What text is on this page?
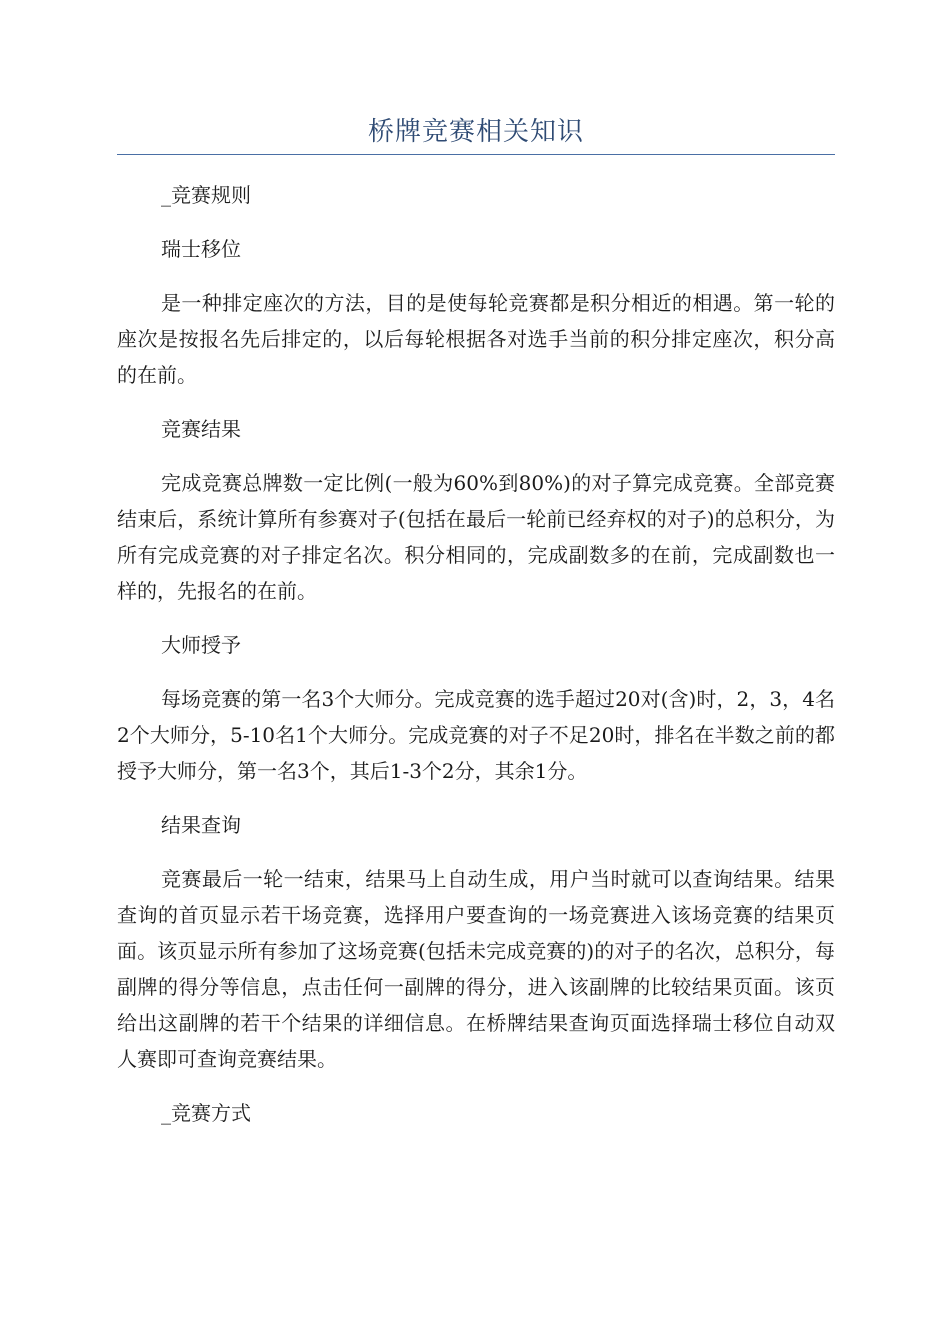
桥牌竞赛相关知识
_竞赛规则
瑞士移位

是一种排定座次的方法，目的是使每轮竞赛都是积分相近的相遇。第一轮的座次是按报名先后排定的，以后每轮根据各对选手当前的积分排定座次，积分高的在前。

竞赛结果

完成竞赛总牌数一定比例(一般为60%到80%)的对子算完成竞赛。全部竞赛结束后，系统计算所有参赛对子(包括在最后一轮前已经弃权的对子)的总积分，为所有完成竞赛的对子排定名次。积分相同的，完成副数多的在前，完成副数也一样的，先报名的在前。

大师授予

每场竞赛的第一名3个大师分。完成竞赛的选手超过20对(含)时，2，3，4名2个大师分，5-10名1个大师分。完成竞赛的对子不足20时，排名在半数之前的都授予大师分，第一名3个，其后1-3个2分，其余1分。

结果查询

竞赛最后一轮一结束，结果马上自动生成，用户当时就可以查询结果。结果查询的首页显示若干场竞赛，选择用户要查询的一场竞赛进入该场竞赛的结果页面。该页显示所有参加了这场竞赛(包括未完成竞赛的)的对子的名次，总积分，每副牌的得分等信息，点击任何一副牌的得分，进入该副牌的比较结果页面。该页给出这副牌的若干个结果的详细信息。在桥牌结果查询页面选择瑞士移位自动双人赛即可查询竞赛结果。

_竞赛方式
